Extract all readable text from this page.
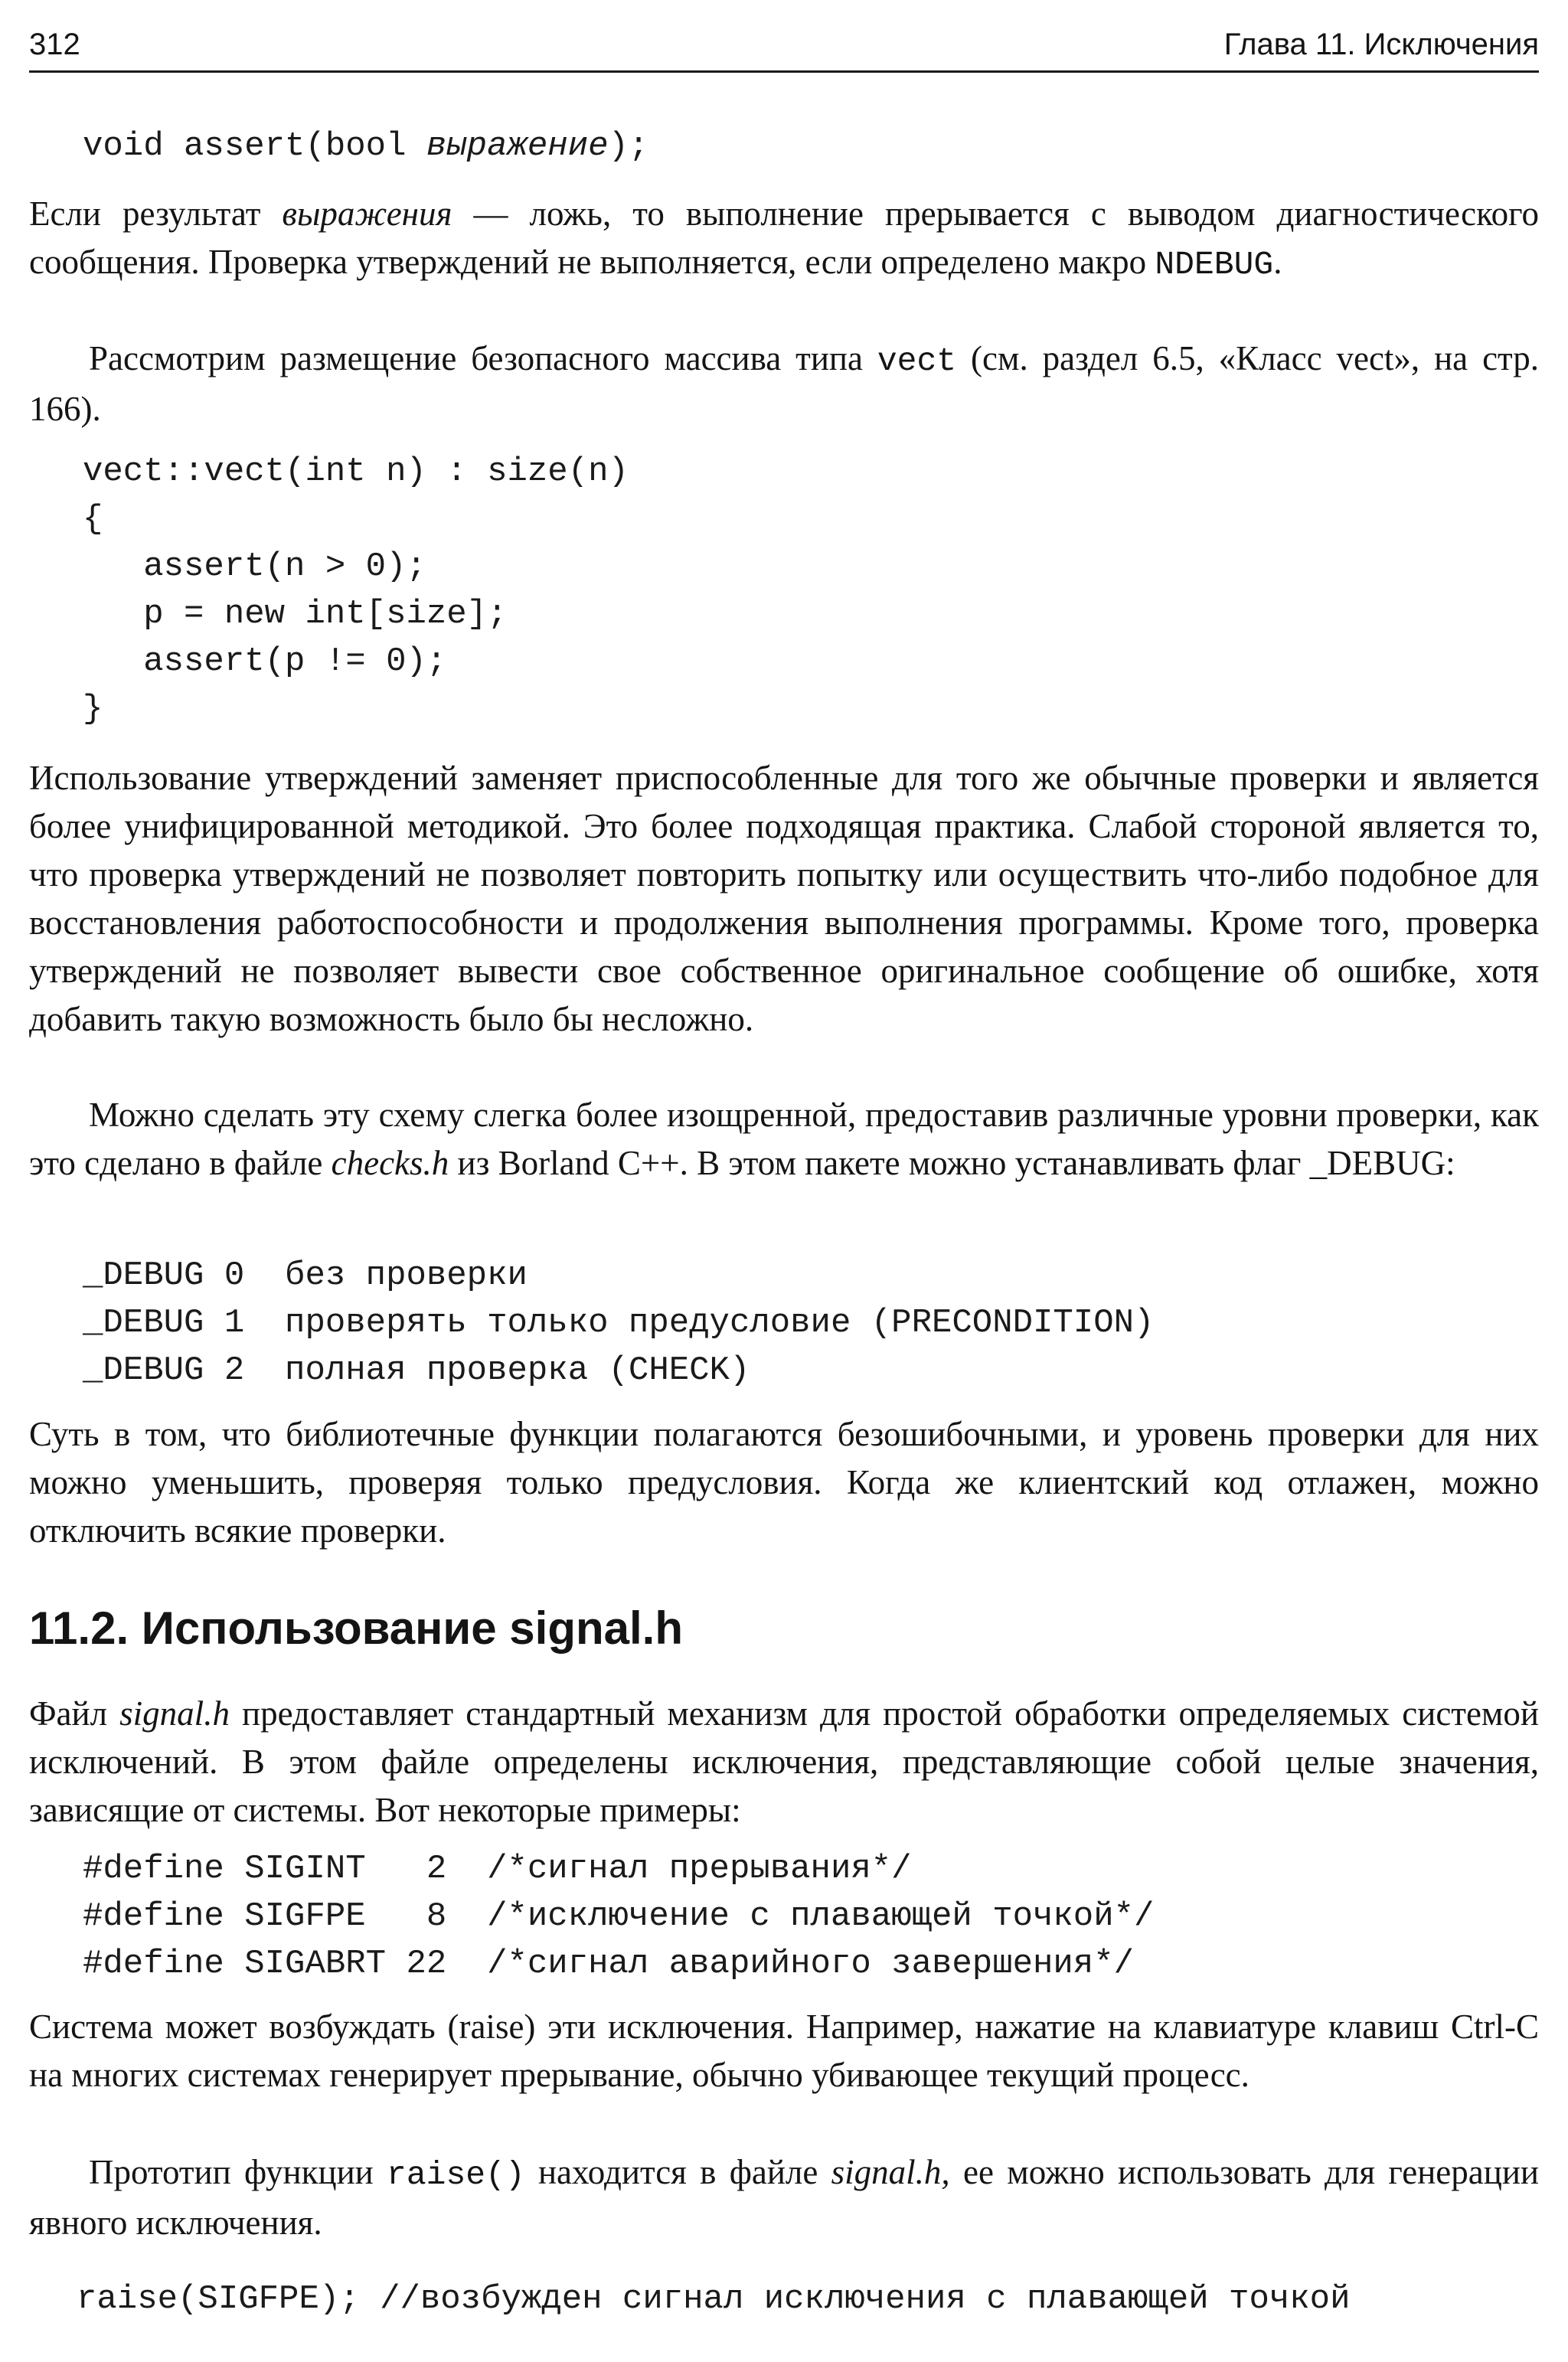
312	Глава 11. Исключения
void assert(bool выражение);

Если результат выражения — ложь, то выполнение прерывается с выводом диагностического сообщения. Проверка утверждений не выполняется, если определено макро NDEBUG.

Рассмотрим размещение безопасного массива типа vect (см. раздел 6.5, «Класс vect», на стр. 166).

vect::vect(int n) : size(n)
{
assert(n > 0);
p = new int[size];
assert(p != 0);
}

Использование утверждений заменяет приспособленные для того же обычные проверки и является более унифицированной методикой. Это более подходящая практика. Слабой стороной является то, что проверка утверждений не позволяет повторить попытку или осуществить что-либо подобное для восстановления работоспособности и продолжения выполнения программы. Кроме того, проверка утверждений не позволяет вывести свое собственное оригинальное сообщение об ошибке, хотя добавить такую возможность было бы несложно.

Можно сделать эту схему слегка более изощренной, предоставив различные уровни проверки, как это сделано в файле checks.h из Borland C++. В этом пакете можно устанавливать флаг _DEBUG:

_DEBUG 0  без проверки
_DEBUG 1  проверять только предусловие (PRECONDITION)
_DEBUG 2  полная проверка (CHECK)

Суть в том, что библиотечные функции полагаются безошибочными, и уровень проверки для них можно уменьшить, проверяя только предусловия. Когда же клиентский код отлажен, можно отключить всякие проверки.

11.2. Использование signal.h

Файл signal.h предоставляет стандартный механизм для простой обработки определяемых системой исключений. В этом файле определены исключения, представляющие собой целые значения, зависящие от системы. Вот некоторые примеры:

#define SIGINT   2  /*сигнал прерывания*/
#define SIGFPE   8  /*исключение с плавающей точкой*/
#define SIGABRT 22  /*сигнал аварийного завершения*/

Система может возбуждать (raise) эти исключения. Например, нажатие на клавиатуре клавиш Ctrl-C на многих системах генерирует прерывание, обычно убивающее текущий процесс.

Прототип функции raise() находится в файле signal.h, ее можно использовать для генерации явного исключения.

raise(SIGFPE); //возбужден сигнал исключения с плавающей точкой
